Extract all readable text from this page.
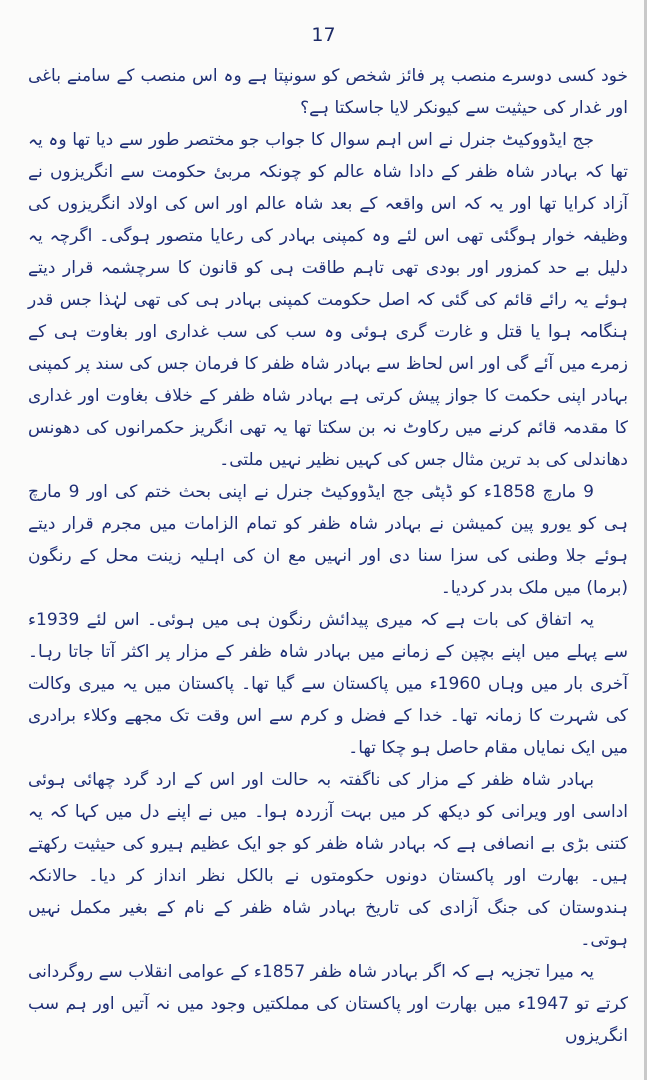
17

خود کسی دوسرے منصب پر فائز شخص کو سونپتا ہے وہ اس منصب کے سامنے باغی اور غدار کی حیثیت سے کیونکر لایا جاسکتا ہے؟

جج ایڈووکیٹ جنرل نے اس اہم سوال کا جواب جو مختصر طور سے دیا تھا وہ یہ تھا کہ بہادر شاہ ظفر کے دادا شاہ عالم کو چونکہ مربیٔ حکومت سے انگریزوں نے آزاد کرایا تھا اور یہ کہ اس واقعہ کے بعد شاہ عالم اور اس کی اولاد انگریزوں کی وظیفہ خوار ہوگئی تھی اس لئے وہ کمپنی بہادر کی رعایا متصور ہوگی۔ اگرچہ یہ دلیل بے حد کمزور اور بودی تھی تاہم طاقت ہی کو قانون کا سرچشمہ قرار دیتے ہوئے یہ رائے قائم کی گئی کہ اصل حکومت کمپنی بہادر ہی کی تھی لہٰذا جس قدر ہنگامہ ہوا یا قتل و غارت گری ہوئی وہ سب کی سب غداری اور بغاوت ہی کے زمرے میں آئے گی اور اس لحاظ سے بہادر شاہ ظفر کا فرمان جس کی سند پر کمپنی بہادر اپنی حکمت کا جواز پیش کرتی ہے بہادر شاہ ظفر کے خلاف بغاوت اور غداری کا مقدمہ قائم کرنے میں رکاوٹ نہ بن سکتا تھا یہ تھی انگریز حکمرانوں کی دھونس دھاندلی کی بد ترین مثال جس کی کہیں نظیر نہیں ملتی۔

9 مارچ 1858ء کو ڈپٹی جج ایڈووکیٹ جنرل نے اپنی بحث ختم کی اور 9 مارچ ہی کو یورو پین کمیشن نے بہادر شاہ ظفر کو تمام الزامات میں مجرم قرار دیتے ہوئے جلا وطنی کی سزا سنا دی اور انہیں مع ان کی اہلیہ زینت محل کے رنگون (برما) میں ملک بدر کردیا۔

یہ اتفاق کی بات ہے کہ میری پیدائش رنگون ہی میں ہوئی۔ اس لئے 1939ء سے پہلے میں اپنے بچپن کے زمانے میں بہادر شاہ ظفر کے مزار پر اکثر آتا جاتا رہا۔ آخری بار میں وہاں 1960ء میں پاکستان سے گیا تھا۔ پاکستان میں یہ میری وکالت کی شہرت کا زمانہ تھا۔ خدا کے فضل و کرم سے اس وقت تک مجھے وکلاء برادری میں ایک نمایاں مقام حاصل ہو چکا تھا۔

بہادر شاہ ظفر کے مزار کی ناگفتہ بہ حالت اور اس کے ارد گرد چھائی ہوئی اداسی اور ویرانی کو دیکھ کر میں بہت آزردہ ہوا۔ میں نے اپنے دل میں کہا کہ یہ کتنی بڑی بے انصافی ہے کہ بہادر شاہ ظفر کو جو ایک عظیم ہیرو کی حیثیت رکھتے ہیں۔ بھارت اور پاکستان دونوں حکومتوں نے بالکل نظر انداز کر دیا۔ حالانکہ ہندوستان کی جنگ آزادی کی تاریخ بہادر شاہ ظفر کے نام کے بغیر مکمل نہیں ہوتی۔

یہ میرا تجزیہ ہے کہ اگر بہادر شاہ ظفر 1857ء کے عوامی انقلاب سے روگردانی کرتے تو 1947ء میں بھارت اور پاکستان کی مملکتیں وجود میں نہ آتیں اور ہم سب انگریزوں
